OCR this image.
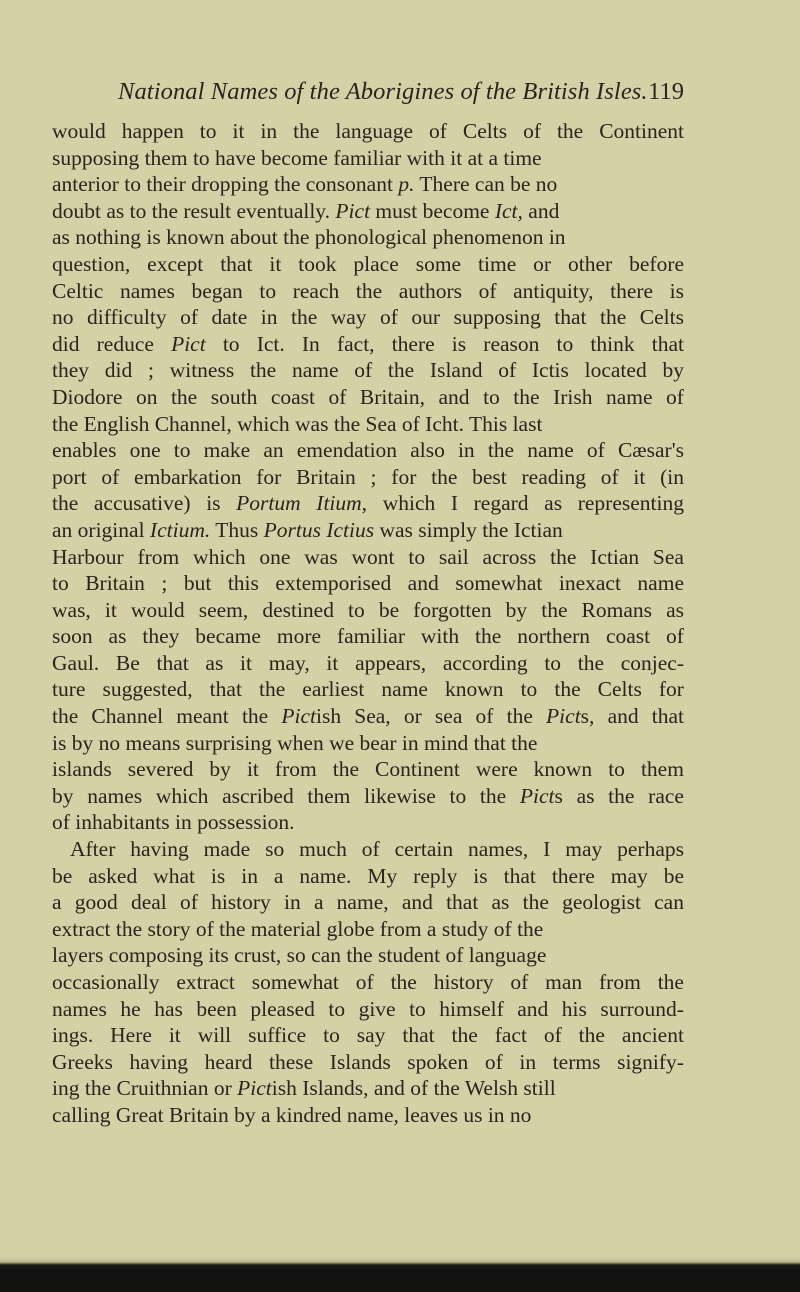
National Names of the Aborigines of the British Isles. 119
would happen to it in the language of Celts of the Continent
supposing them to have become familiar with it at a time
anterior to their dropping the consonant p. There can be no
doubt as to the result eventually. Pict must become Ict, and
as nothing is known about the phonological phenomenon in
question, except that it took place some time or other before
Celtic names began to reach the authors of antiquity, there is
no difficulty of date in the way of our supposing that the Celts
did reduce Pict to Ict. In fact, there is reason to think that
they did ; witness the name of the Island of Ictis located by
Diodore on the south coast of Britain, and to the Irish name of
the English Channel, which was the Sea of Icht. This last
enables one to make an emendation also in the name of Cæsar's
port of embarkation for Britain ; for the best reading of it (in
the accusative) is Portum Itium, which I regard as representing
an original Ictium. Thus Portus Ictius was simply the Ictian
Harbour from which one was wont to sail across the Ictian Sea
to Britain ; but this extemporised and somewhat inexact name
was, it would seem, destined to be forgotten by the Romans as
soon as they became more familiar with the northern coast of
Gaul. Be that as it may, it appears, according to the conjec-
ture suggested, that the earliest name known to the Celts for
the Channel meant the Pictish Sea, or sea of the Picts, and that
is by no means surprising when we bear in mind that the
islands severed by it from the Continent were known to them
by names which ascribed them likewise to the Picts as the race
of inhabitants in possession.
After having made so much of certain names, I may perhaps
be asked what is in a name. My reply is that there may be
a good deal of history in a name, and that as the geologist can
extract the story of the material globe from a study of the
layers composing its crust, so can the student of language
occasionally extract somewhat of the history of man from the
names he has been pleased to give to himself and his surround-
ings. Here it will suffice to say that the fact of the ancient
Greeks having heard these Islands spoken of in terms signify-
ing the Cruithnian or Pictish Islands, and of the Welsh still
calling Great Britain by a kindred name, leaves us in no
